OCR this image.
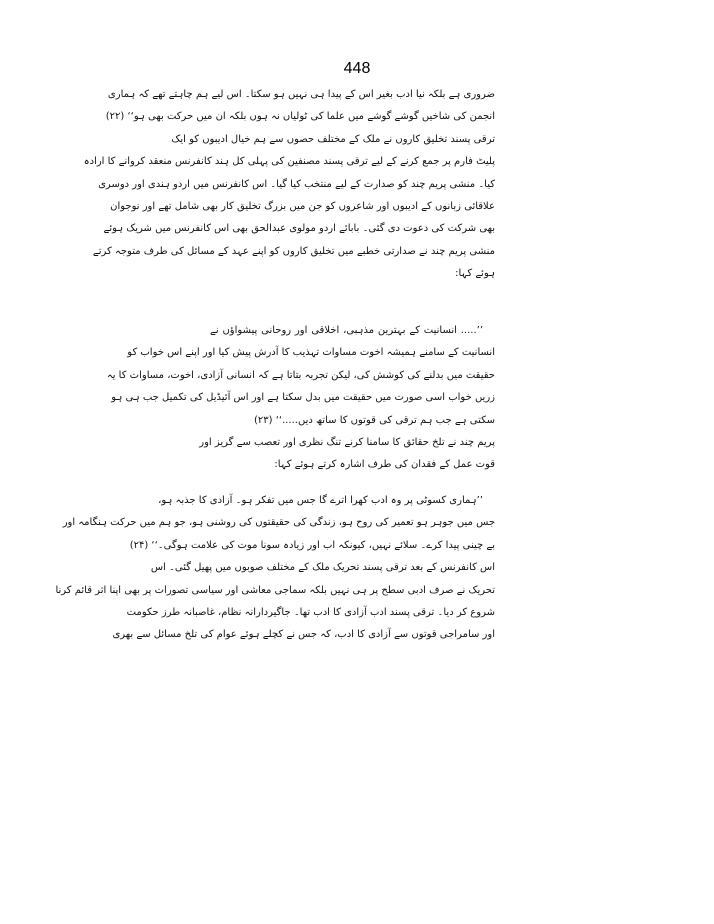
448
ضروری ہے بلکہ نیا ادب بغیر اس کے پیدا ہی نہیں ہو سکتا۔ اس لیے ہم چاہتے تھے کہ ہماری
انجمن کی شاخیں گوشے گوشے میں علما کی ٹولیاں نہ ہوں بلکہ ان میں حرکت بھی ہو‘‘ (۲۲)
ترقی پسند تخلیق کاروں نے ملک کے مختلف حصوں سے ہم خیال ادیبوں کو ایک
پلیٹ فارم پر جمع کرنے کے لیے ترقی پسند مصنفین کی پہلی کل ہند کانفرنس منعقد کروانے کا ارادہ
کیا۔ منشی پریم چند کو صدارت کے لیے منتخب کیا گیا۔ اس کانفرنس میں اردو ہندی اور دوسری
علاقائی زبانوں کے ادیبوں اور شاعروں کو جن میں بزرگ تخلیق کار بھی شامل تھے اور نوجوان
بھی شرکت کی دعوت دی گئی۔ بابائے اردو مولوی عبدالحق بھی اس کانفرنس میں شریک ہوئے
منشی پریم چند نے صدارتی خطبے میں تخلیق کاروں کو اپنے عہد کے مسائل کی طرف متوجہ کرتے
ہوئے کہا:
’’..... انسانیت کے بہترین مذہبی، اخلاقی اور روحانی پیشواؤں نے
انسانیت کے سامنے ہمیشہ اخوت مساوات تہذیب کا آدرش پیش کیا اور اپنے اس خواب کو
حقیقت میں بدلنے کی کوشش کی، لیکن تجربہ بتاتا ہے کہ انسانی آزادی، اخوت، مساوات کا یہ
زریں خواب اسی صورت میں حقیقت میں بدل سکتا ہے اور اس آئیڈیل کی تکمیل جب ہی ہو
سکتی ہے جب ہم ترقی کی قوتوں کا ساتھ دیں.....‘‘ (۲۳)
پریم چند نے تلخ حقائق کا سامنا کرنے تنگ نظری اور تعصب سے گریز اور
قوت عمل کے فقدان کی طرف اشارہ کرتے ہوئے کہا:
’’ہماری کسوٹی پر وہ ادب کھرا اترے گا جس میں تفکر ہو۔ آزادی کا جذبہ ہو،
جس میں جوہر ہو تعمیر کی روح ہو، زندگی کی حقیقتوں کی روشنی ہو، جو ہم میں حرکت ہنگامہ اور
بے چینی پیدا کرے۔ سلائے نہیں، کیونکہ اب اور زیادہ سونا موت کی علامت ہوگی۔‘‘ (۲۴)
اس کانفرنس کے بعد ترقی پسند تحریک ملک کے مختلف صوبوں میں پھیل گئی۔ اس
تحریک نے صرف ادبی سطح پر ہی نہیں بلکہ سماجی معاشی اور سیاسی تصورات پر بھی اپنا اثر قائم کرنا
شروع کر دیا۔ ترقی پسند ادب آزادی کا ادب تھا۔ جاگیردارانہ نظام، غاصبانہ طرز حکومت
اور سامراجی قوتوں سے آزادی کا ادب، کہ جس نے کچلے ہوئے عوام کی تلخ مسائل سے بھری
